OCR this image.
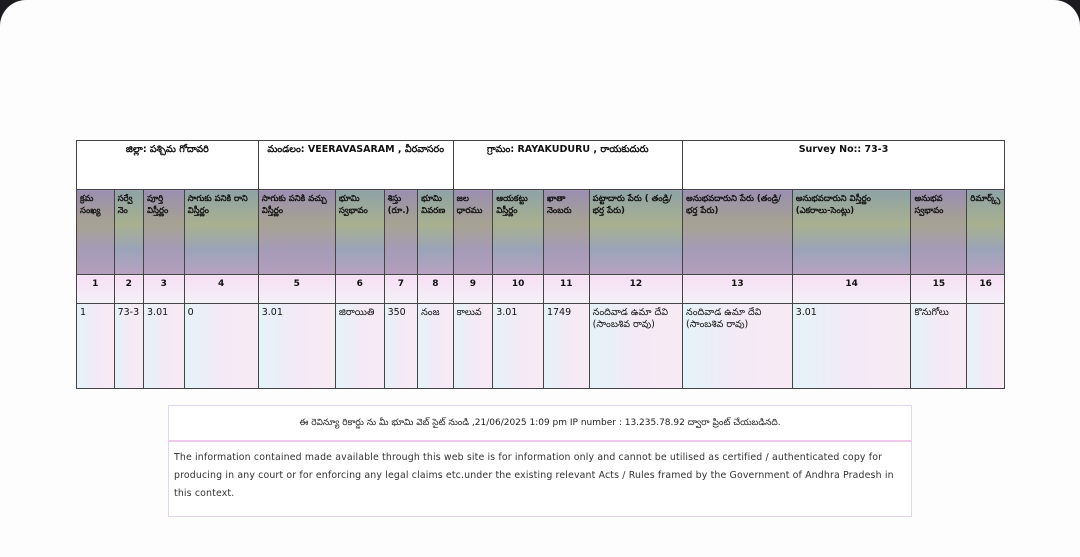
జిల్లా: పశ్చిమ గోదావరి				మండలం: VEERAVASARAM , వీరవాసరం				గ్రామం: RAYAKUDURU , రాయకుదురు				Survey No:: 73-3			
క్రమ సంఖ్య	సర్వే నెం	పూర్తి విస్తీర్ణం	సాగుకు పనికి రాని విస్తీర్ణం	సాగుకు పనికి వచ్చు విస్తీర్ణం	భూమి స్వభావం	శిస్తు (రూ.)	భూమి వివరణ	జల ధారము	ఆయకట్టు విస్తీర్ణం	ఖాతా నెంబరు	పట్టాదారు పేరు ( తండ్రి/భర్త పేరు)	అనుభవదారుని పేరు (తండ్రి/భర్త పేరు)	అనుభవదారుని విస్తీర్ణం (ఎకరాలు-సెంట్లు)	అనుభవ స్వభావం	రిమార్క్స్
1	2	3	4	5	6	7	8	9	10	11	12	13	14	15	16
1	73-3	3.01	0	3.01	జిరాయితి	350	నంజ	కాలువ	3.01	1749	నందివాడ ఉమా దేవి (సాంబశివ రావు)	నందివాడ ఉమా దేవి (సాంబశివ రావు)	3.01	కొనుగోలు	
ఈ రెవిన్యూ రికార్డు ను మీ భూమి వెబ్ సైట్ నుండి ,21/06/2025 1:09 pm IP number : 13.235.78.92 ద్వారా ప్రింట్ చేయబడినది.
The information contained made available through this web site is for information only and cannot be utilised as certified / authenticated copy for producing in any court or for enforcing any legal claims etc.under the existing relevant Acts / Rules framed by the Government of Andhra Pradesh in this context.
